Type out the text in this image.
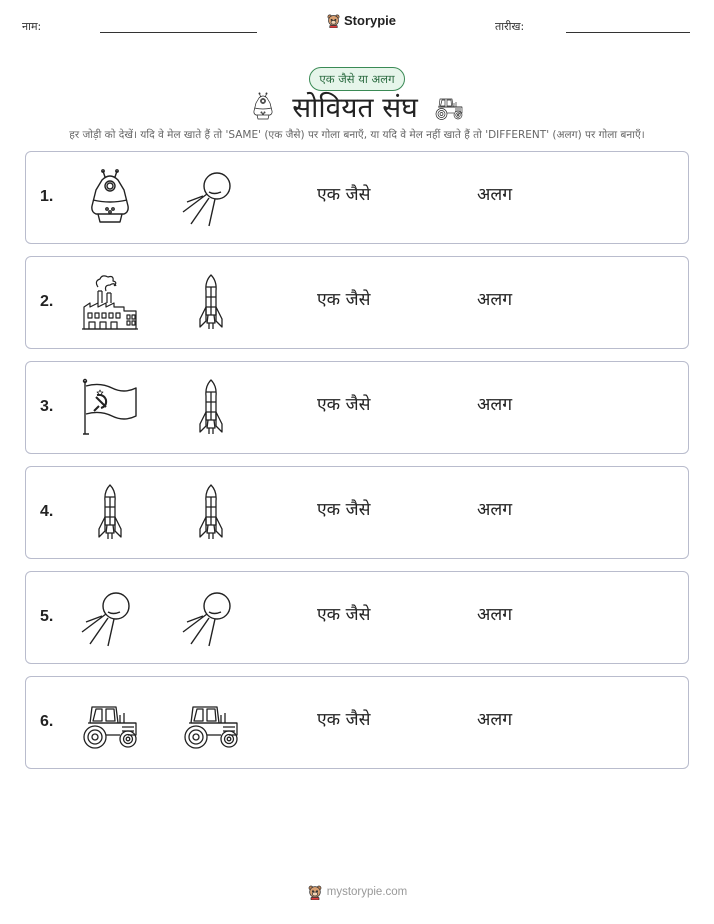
नाम:	Storypie	तारीख:
एक जैसे या अलग
सोवियत संघ
हर जोड़ी को देखें। यदि वे मेल खाते हैं तो 'SAME' (एक जैसे) पर गोला बनाएँ, या यदि वे मेल नहीं खाते हैं तो 'DIFFERENT' (अलग) पर गोला बनाएँ।
1.	एक जैसे	अलग
2.	एक जैसे	अलग
3.	एक जैसे	अलग
4.	एक जैसे	अलग
5.	एक जैसे	अलग
6.	एक जैसे	अलग
mystorypie.com
